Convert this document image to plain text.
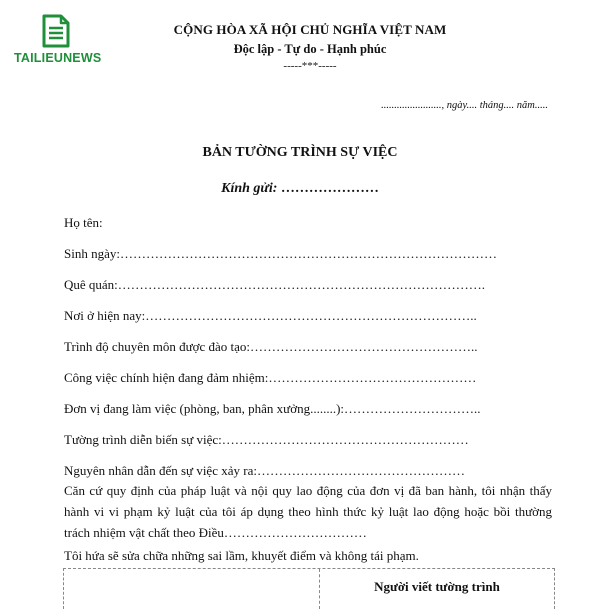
TAILIEUNEWS
CỘNG HÒA XÃ HỘI CHỦ NGHĨA VIỆT NAM
Độc lập - Tự do - Hạnh phúc
-----***-----
......................., ngày.... tháng.... năm.....
BẢN TƯỜNG TRÌNH SỰ VIỆC
Kính gửi: …………………
Họ tên:
Sinh ngày:……………………………………………………………………………
Quê quán:………………………………………………………………………….
Nơi ở hiện nay:…………………………………………………………………..
Trình độ chuyên môn được đào tạo:……………………………………………..
Công việc chính hiện đang đảm nhiệm:…………………………………………
Đơn vị đang làm việc (phòng, ban, phân xưởng........):…………………………..
Tường trình diễn biến sự việc:…………………………………………………
Nguyên nhân dẫn đến sự việc xảy ra:…………………………………………
Căn cứ quy định của pháp luật và nội quy lao động của đơn vị đã ban hành, tôi nhận thấy hành vi vi phạm kỷ luật của tôi áp dụng theo hình thức kỷ luật lao động hoặc bồi thường trách nhiệm vật chất theo Điều……………………………
Tôi hứa sẽ sửa chữa những sai lầm, khuyết điểm và không tái phạm.
Người viết tường trình
